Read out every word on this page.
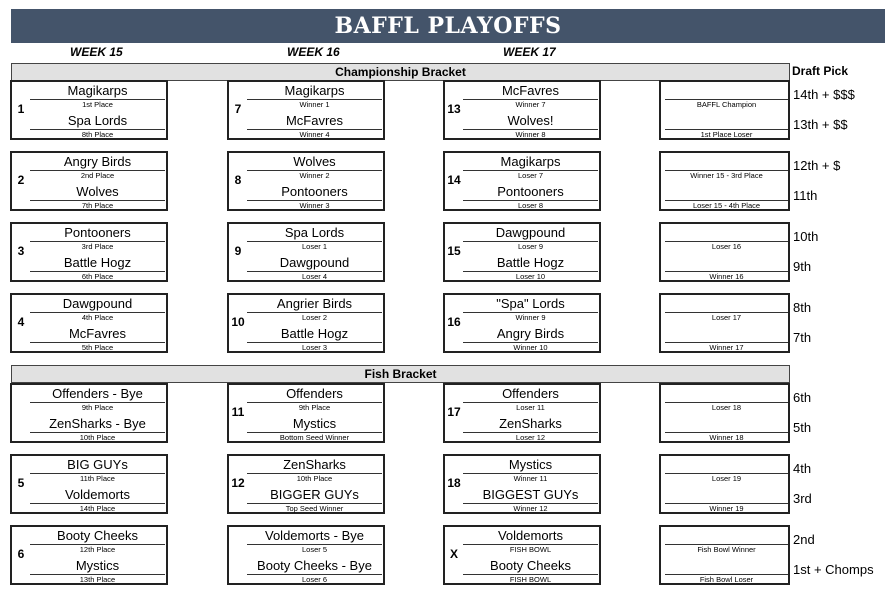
BAFFL PLAYOFFS
WEEK 15	WEEK 16	WEEK 17
Championship Bracket	Draft Pick
Fish Bracket
1
Magikarps
1st Place
Spa Lords
8th Place
2
Angry Birds
2nd Place
Wolves
7th Place
3
Pontooners
3rd Place
Battle Hogz
6th Place
4
Dawgpound
4th Place
McFavres
5th Place
7
Magikarps
Winner 1
McFavres
Winner 4
8
Wolves
Winner 2
Pontooners
Winner 3
9
Spa Lords
Loser 1
Dawgpound
Loser 4
10
Angrier Birds
Loser 2
Battle Hogz
Loser 3
13
McFavres
Winner 7
Wolves!
Winner 8
14
Magikarps
Loser 7
Pontooners
Loser 8
15
Dawgpound
Loser 9
Battle Hogz
Loser 10
16
"Spa" Lords
Winner 9
Angry Birds
Winner 10
Offenders - Bye
9th Place
ZenSharks - Bye
10th Place
5
BIG GUYs
11th Place
Voldemorts
14th Place
6
Booty Cheeks
12th Place
Mystics
13th Place
11
Offenders
9th Place
Mystics
Bottom Seed Winner
12
ZenSharks
10th Place
BIGGER GUYs
Top Seed Winner
Voldemorts - Bye
Loser 5
Booty Cheeks - Bye
Loser 6
17
Offenders
Loser 11
ZenSharks
Loser 12
18
Mystics
Winner 11
BIGGEST GUYs
Winner 12
X
Voldemorts
FISH BOWL
Booty Cheeks
FISH BOWL
BAFFL Champion
1st Place Loser
14th + $$$
13th + $$
Winner 15 - 3rd Place
Loser 15 - 4th Place
12th + $
11th
Loser 16
Winner 16
10th
9th
Loser 17
Winner 17
8th
7th
Loser 18
Winner 18
6th
5th
Loser 19
Winner 19
4th
3rd
Fish Bowl Winner
Fish Bowl Loser
2nd
1st + Chomps
